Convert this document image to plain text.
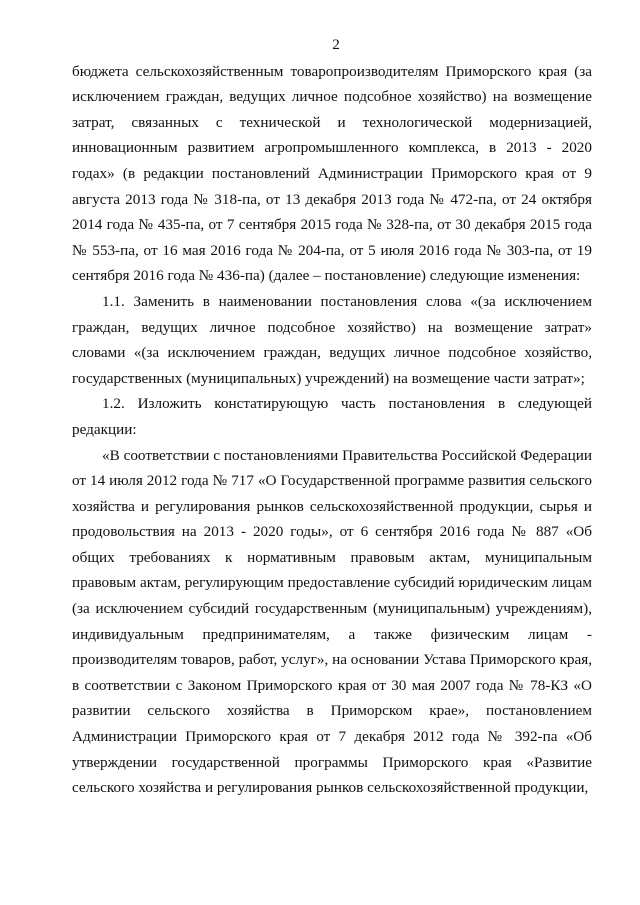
2

бюджета сельскохозяйственным товаропроизводителям Приморского края (за исключением граждан, ведущих личное подсобное хозяйство) на возмещение затрат, связанных с технической и технологической модернизацией, инновационным развитием агропромышленного комплекса, в 2013 - 2020 годах» (в редакции постановлений Администрации Приморского края от 9 августа 2013 года № 318-па, от 13 декабря 2013 года № 472-па, от 24 октября 2014 года № 435-па, от 7 сентября 2015 года № 328-па, от 30 декабря 2015 года № 553-па, от 16 мая 2016 года № 204-па, от 5 июля 2016 года № 303-па, от 19 сентября 2016 года № 436-па) (далее – постановление) следующие изменения:

1.1. Заменить в наименовании постановления слова «(за исключением граждан, ведущих личное подсобное хозяйство) на возмещение затрат» словами «(за исключением граждан, ведущих личное подсобное хозяйство, государственных (муниципальных) учреждений) на возмещение части затрат»;

1.2. Изложить констатирующую часть постановления в следующей редакции:

«В соответствии с постановлениями Правительства Российской Федерации от 14 июля 2012 года № 717 «О Государственной программе развития сельского хозяйства и регулирования рынков сельскохозяйственной продукции, сырья и продовольствия на 2013 - 2020 годы», от 6 сентября 2016 года № 887 «Об общих требованиях к нормативным правовым актам, муниципальным правовым актам, регулирующим предоставление субсидий юридическим лицам (за исключением субсидий государственным (муниципальным) учреждениям), индивидуальным предпринимателям, а также физическим лицам - производителям товаров, работ, услуг», на основании Устава Приморского края, в соответствии с Законом Приморского края от 30 мая 2007 года № 78-КЗ «О развитии сельского хозяйства в Приморском крае», постановлением Администрации Приморского края от 7 декабря 2012 года № 392-па «Об утверждении государственной программы Приморского края «Развитие сельского хозяйства и регулирования рынков сельскохозяйственной продукции,
